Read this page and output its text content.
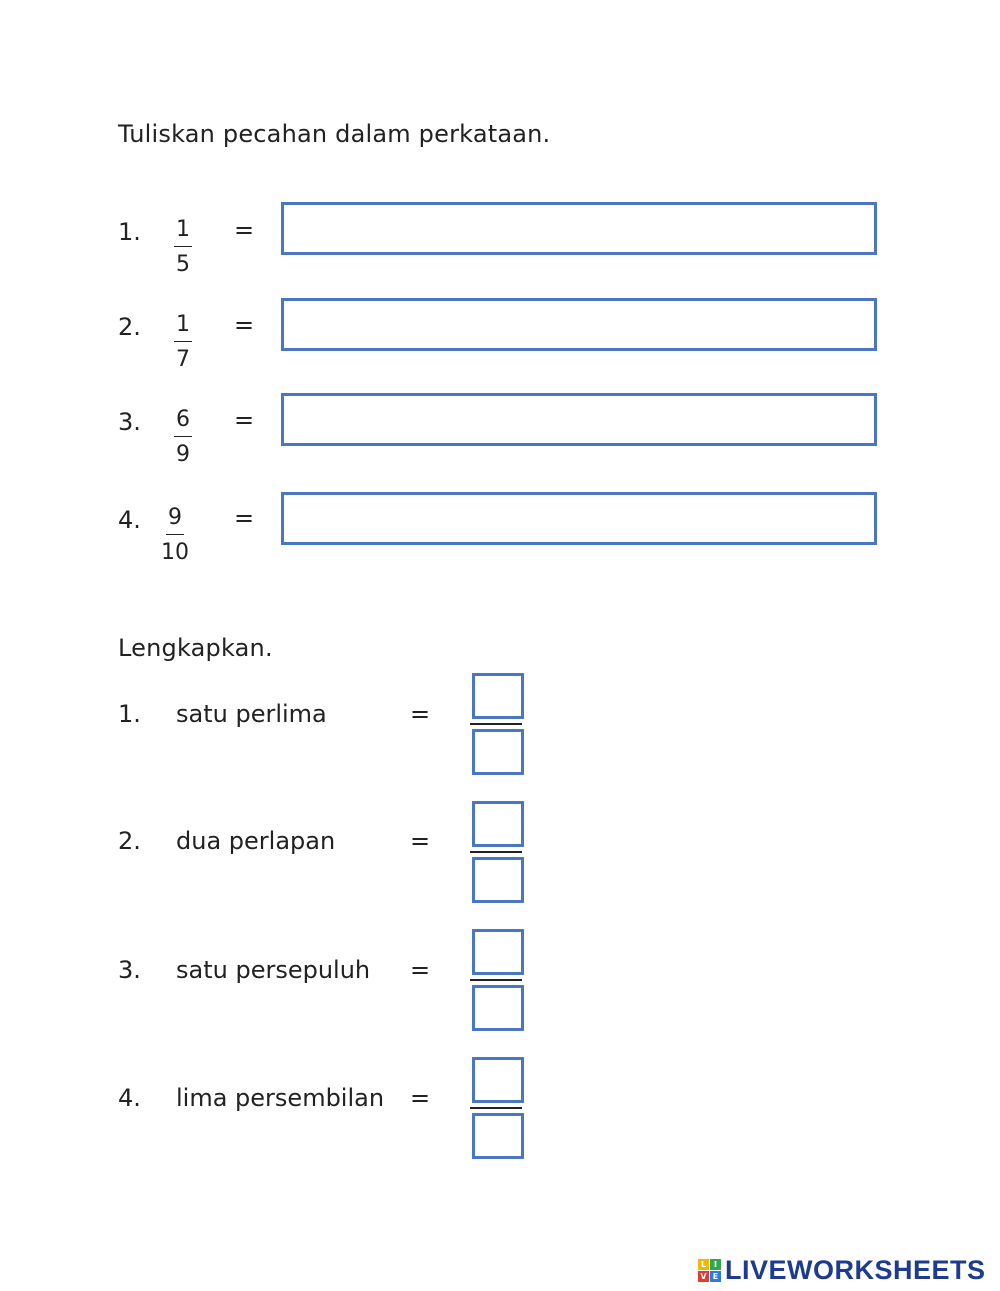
Tuliskan pecahan dalam perkataan.
1. $\frac{1}{5}$ =
2. $\frac{1}{7}$ =
3. $\frac{6}{9}$ =
4. $\frac{9}{10}$ =
Lengkapkan.
1. satu perlima	=
2. dua perlapan	=
3. satu persepuluh =
4. lima persembilan =
L I
V E LIVEWORKSHEETS
